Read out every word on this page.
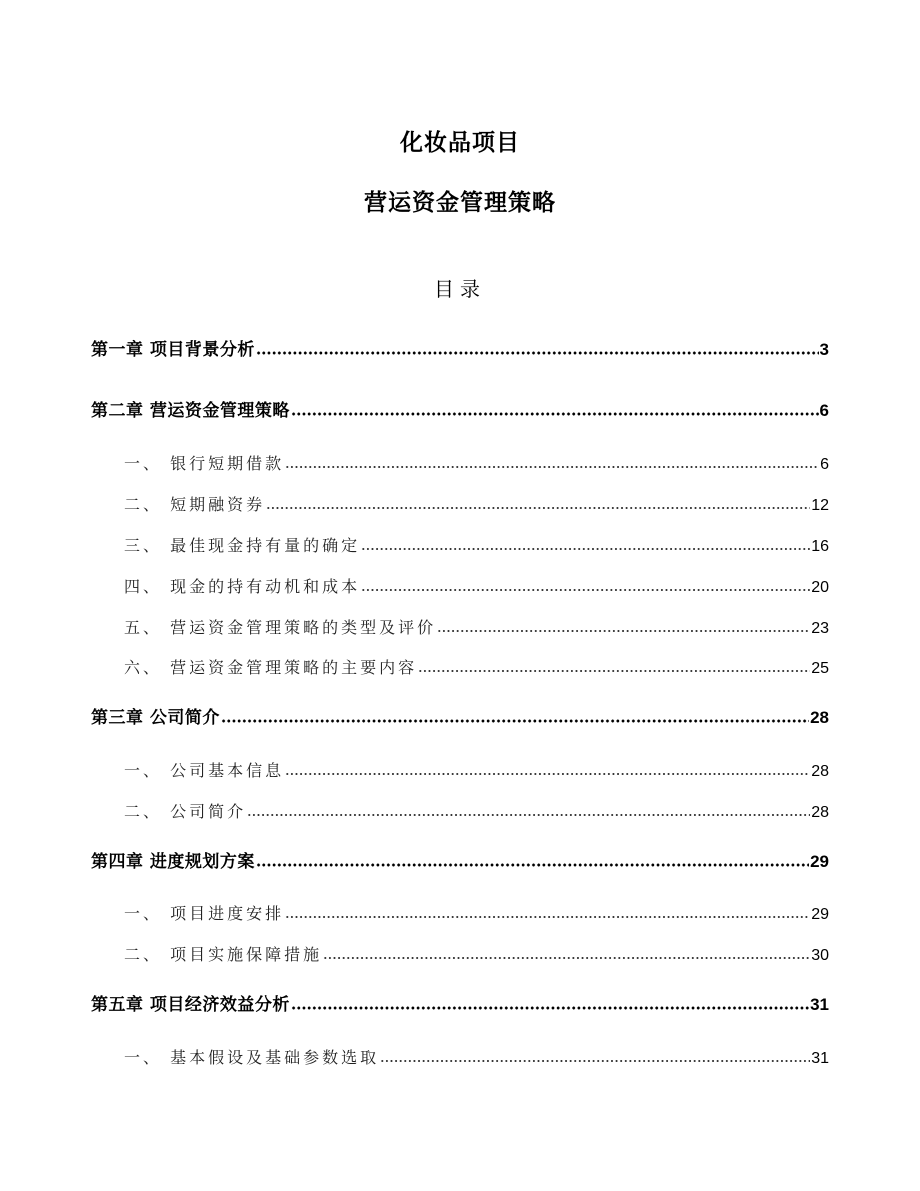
化妆品项目
营运资金管理策略
目录
第一章 项目背景分析	3
第二章 营运资金管理策略	6
一、 银行短期借款	6
二、 短期融资券	12
三、 最佳现金持有量的确定	16
四、 现金的持有动机和成本	20
五、 营运资金管理策略的类型及评价	23
六、 营运资金管理策略的主要内容	25
第三章 公司简介	28
一、 公司基本信息	28
二、 公司简介	28
第四章 进度规划方案	29
一、 项目进度安排	29
二、 项目实施保障措施	30
第五章 项目经济效益分析	31
一、 基本假设及基础参数选取	31
